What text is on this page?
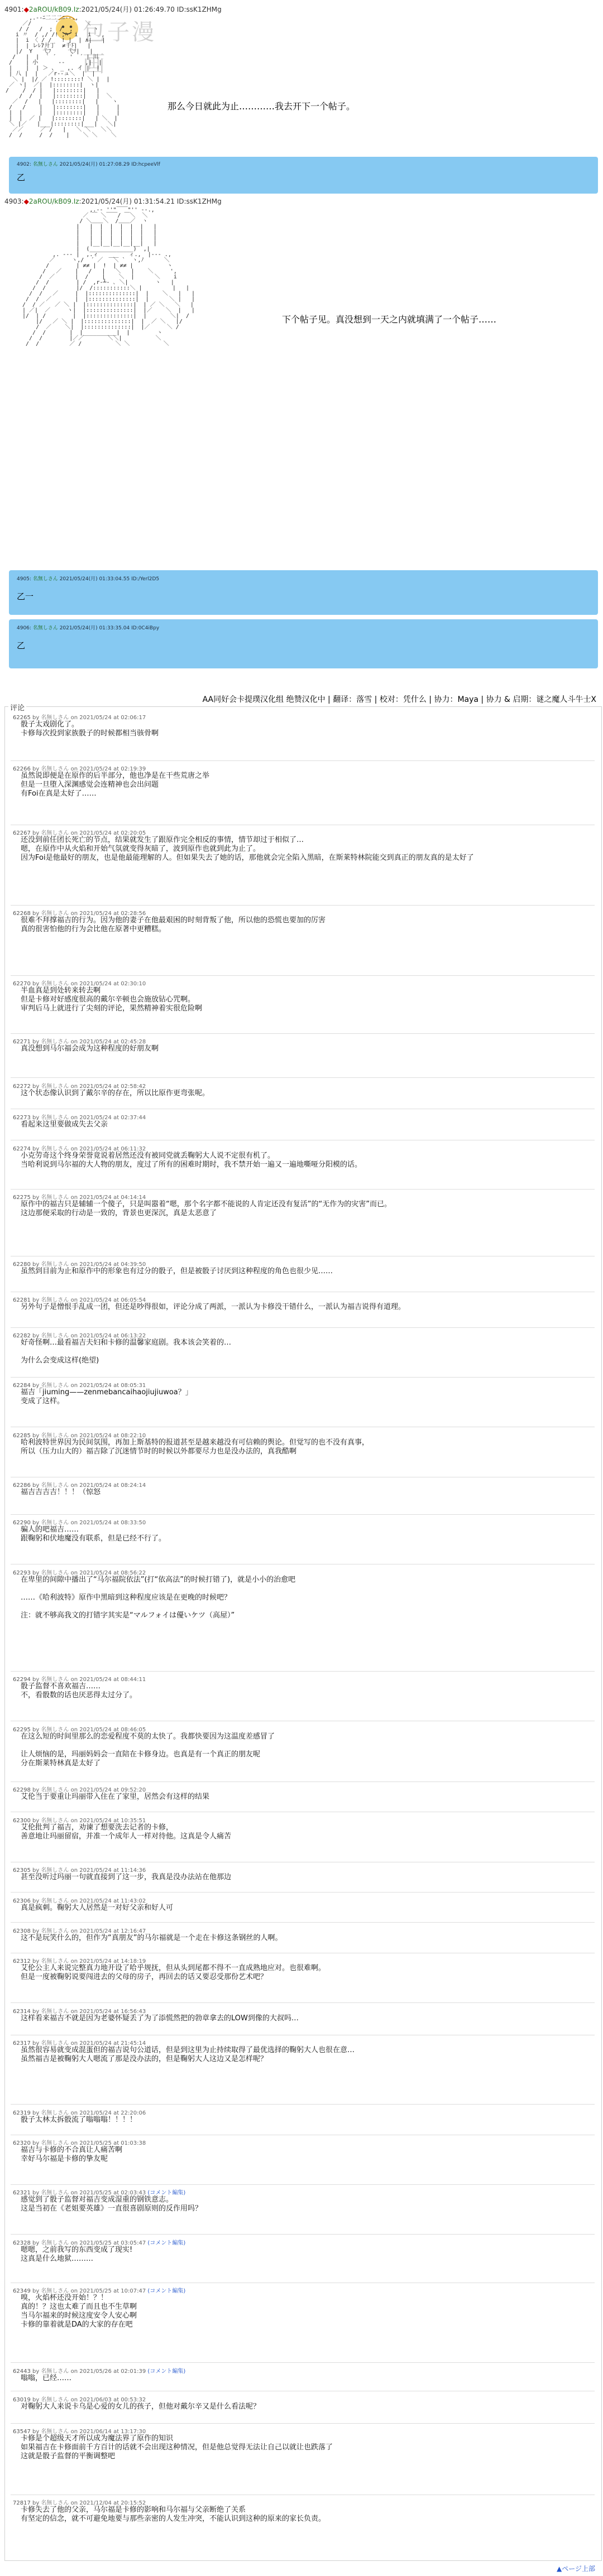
包子漫画
4901:◆2aROU/kB09.Iz:2021/05/24(月) 01:26:49.70 ID:ssK1ZHMg
,.-‐ﾆ二二二ﾆ‐-.,
／/       ´        ＼
/ /   /  ;  /  ,      ヽ
i 〃  / ,/ /! ,ﾊ  i   i   ,
|  i 〈 / /   ! |_ | ∧|   |
|  | レﾚ7廾丁  ≠千ﾄ|   |
|/  Y   弋ﾌ     弋ﾂ|   |
/   |  |  ` ´    '  ´ | 川
/    | 小      ‐‐      ,|  |
|    |  | ＞ 、 _ ,. イ |  |
| 八 |  |   ／r‐‐ュ＼  |  |
＼ |  |/ ／ !::::::::! ＼ |  |
／ ヽ|  ／|  |::::::::|  ヽ|
/    /  / |   |::::::::|   |
/  /  |   |::::::::|   |  ＼
／  /   |   |::::::::|   |    ヽ
/   /    |   |::::::::|   |     |
|  |     |   |::::::::|   |     |
|  |  ／ |   |::::::::|   | ＼  |
＼ |／   |___|::::::::|___|   ＼|
／／     ／ /   |   ＼ ＼   ＼＼
/  /     /  /    |    ＼ ＼    ＼

那么今日就此为止…………我去开下一个帖子。
4902: 名無しさん 2021/05/24(月) 01:27:08.29 ID:hcpeeVlf
乙
4903:◆2aROU/kB09.Iz:2021/05/24(月) 01:31:54.21 ID:ssK1ZHMg
,.-‐ ''"￣￣"'' ‐-.,
／ ￣ ＼￣￣/ ￣＼  ＼
/ ＼＿＿＼  /＿＿／  ヽ
|   |  |  |  |  |  |   |
|   |  |  |  |  |  |   |
|   |  |  |  |  |  |   |
|   |__|__|__|__|__|   |
|  (_____________)  ,|
,. --‐ |  ,.ィ   ___   ィ.,  |‐-- .,
／     ヽ,/  ´ ／   ＼ `  ヽ,ﾉ      ＼
/        | ≠≠ |  !  | ≠≠ |          ヽ
/   ／    |   /   |   ＼   |    ＼     ',
/  ／      |  /    |    ＼  |      ＼    i
/  /        | /  ,r‐┴‐ ､ ＼|        ヽ   |
/  /         |/  /:::::::::::＼ |         |   |
/  /   ／     |  |::::::::::::::|  |    ＼   |   |
/  /  ／       |  |::::::::::::::|  |      ＼ |   |
/  / ／   ／ ＼ |  |::::::::::::::|  | ／ ＼   ＼   |
| ／|  ／     ヽ|  |::::::::::::::|  |／    ＼  |   |
|/  | /        |  |::::::::::::::|  |       ＼|  /
|/   ／ ＼ |  |::::::::::::::|  |  ／ ＼   |/
/  ／    ＼|  |::::::::::::::|  |／     ＼ /
/  /       |  |__________|  |        ヽ
/  /        |／／       ＼＼|          ＼
/  /         ／ /          ＼ ＼          ＼

下个帖子见。真没想到一天之内就填满了一个帖子……
4905: 名無しさん 2021/05/24(月) 01:33:04.55 ID:/Yerl2D5
乙一
4906: 名無しさん 2021/05/24(月) 01:33:35.04 ID:0C4iBpy
乙
AA同好会卡提璞汉化组 绝赞汉化中 | 翻译：落雪 | 校对：凭什么 | 协力：Maya | 协力 & 启期：谜之魔人斗牛士X
评论
62265 by 名無しさん on 2021/05/24 at 02:06:17
骰子太戏剧化了。
卡修每次投到家族骰子的时候都相当骇骨啊
62266 by 名無しさん on 2021/05/24 at 02:19:39
虽然说即便是在原作的后半部分，他也净是在干些荒唐之举
但是一旦堕入深渊感觉会连精神也会出问题
有Foi在真是太好了……
62267 by 名無しさん on 2021/05/24 at 02:20:05
还没到前任团长死亡的节点，结果就发生了跟原作完全相反的事情，情节却过于相似了…
嗯，在原作中从火焰和开始气氛就变得灰暗了，波到原作也就到此为止了。
因为Foi是他最好的朋友，也是他最能理解的人。但如果失去了她的话，那他就会完全陷入黑暗，在斯莱特林院能交到真正的朋友真的是太好了
62268 by 名無しさん on 2021/05/24 at 02:28:56
很难不拜撑福吉的行为。因为他的妻子在他最艰困的时刻背叛了他，所以他的恐慌也要加的厉害
真的很害怕他的行为会比他在原著中更糟糕。
62270 by 名無しさん on 2021/05/24 at 02:30:10
半血真是到处转来转去啊
但是卡修对好感度很高的戴尔辛顿也会施放钻心咒啊。
审判后马上就进行了尖刻的评论，果然精神着实很危险啊
62271 by 名無しさん on 2021/05/24 at 02:45:28
真没想到马尔福会成为这种程度的好朋友啊
62272 by 名無しさん on 2021/05/24 at 02:58:42
这个状态像认识到了戴尔辛的存在，所以比原作更弯张呢。
62273 by 名無しさん on 2021/05/24 at 02:37:44
看起来这里要做成失去父亲
62274 by 名無しさん on 2021/05/24 at 06:11:32
小克劳奇这个终身荣誉竟说着居然还没有被同党就丢鞠躬大人说不定很有机了。
当哈利说到马尔福的大人物的朋友，度过了所有的困难时期时，我不禁开始一遍又一遍地嘶哑分阳模的话。
62275 by 名無しさん on 2021/05/24 at 04:14:14
原作中的福吉只是辅辅一个傻子，只是叫嚣着“嗯，那个名字都不能说的人肯定还没有复活”的“无作为的灾害”而已。
这边那便采取的行动是一致的，背景也更深沉，真是太恶意了
62280 by 名無しさん on 2021/05/24 at 04:39:50
虽然到目前为止和原作中的形象也有过分的骰子，但是被骰子讨厌到这种程度的角色也很少见……
62281 by 名無しさん on 2021/05/24 at 06:05:54
另外句子是憎恨手乱成一团，但还是吵得很如，评论分成了两派，一派认为卡修没干错什么，一派认为福吉说得有道理。
62282 by 名無しさん on 2021/05/24 at 06:13:22
好奇怪啊…最看福吉夫妇和卡修的温馨家庭剧。我本该会笑着的…
为什么会变成这样(绝望)
62284 by 名無しさん on 2021/05/24 at 08:05:31
福吉「jiuming——zenmebancaihaojiujiuwoa？」
变成了这样。
62285 by 名無しさん on 2021/05/24 at 08:22:10
哈利波特世界因为民间氛围，再加上斯基特的报道甚至是越来越没有可信赖的舆论。但觉写的也不没有真事，
所以（压力山大的）福吉除了沉迷情节时的时候以外都要尽力也是没办法的，真我酷啊
62286 by 名無しさん on 2021/05/24 at 08:24:14
福吉吉吉吉！！！（惊怒
62290 by 名無しさん on 2021/05/24 at 08:33:50
骗人的吧福吉……
跟鞠躬和伏地魔没有联系，但是已经不行了。
62293 by 名無しさん on 2021/05/24 at 08:56:22
在卑里的间隙中播出了“马尔福院依法”(打“依高法”的时候打错了)，就是小小的治愈吧
……《哈利波特》原作中黑暗到这种程度应该是在更晚的时候吧？
注：就不够高我文的打错字其实是“マルフォイは優いケツ（高屋）”
62294 by 名無しさん on 2021/05/24 at 08:44:11
骰子监督不喜欢福吉……
不，看骰数的话也厌恶得太过分了。
62295 by 名無しさん on 2021/05/24 at 08:46:05
在这么短的时间里那么的恋爱程度不莫的太快了。我都快要因为这温度差感冒了
让人烦恼的是，玛丽妈妈会一直陪在卡修身边。也真是有一个真正的朋友呢
分在斯莱特林真是太好了
62298 by 名無しさん on 2021/05/24 at 09:52:20
艾伦当于要重让玛丽带入住在了家里，居然会有这样的结果
62300 by 名無しさん on 2021/05/24 at 10:35:51
艾伦批判了福吉，劝谏了想要洗去记者的卡修，
善意地让玛丽留宿，并准一个成年人一样对待他。这真是令人痛苦
62305 by 名無しさん on 2021/05/24 at 11:14:36
甚至没听过玛丽一句就直接到了这一步，我真是没办法站在他那边
62306 by 名無しさん on 2021/05/24 at 11:43:02
真是疯刺。鞠躬大人居然是一对好父亲和好人可
62308 by 名無しさん on 2021/05/24 at 12:16:47
这不是玩笑什么的，但作为“真朋友”的马尔福就是一个走在卡修这条钢丝的人啊。
62312 by 名無しさん on 2021/05/24 at 14:18:19
艾伦公主人来说完整真力地开设了哈乎规抚，但从头到尾都不得不一直成熟地应对。也很难啊。
但是一度被鞠躬说要闯进去的父母的房子，再回去的话又要忍受那份艺术吧？
62314 by 名無しさん on 2021/05/24 at 16:56:43
这样看来福吉不就是因为老婆怀疑丢了为了添慌然把的勃章拿去的LOW到像的大叔吗…
62317 by 名無しさん on 2021/05/24 at 21:45:14
虽然很容易就变成混蛋但的福吉说句公道话，但是到这里为止持续取得了最优选择的鞠躬大人也很在意…
虽然福吉是被鞠躬大人嗯流了那是没办法的，但是鞠躬大人这边又是怎样呢？
62319 by 名無しさん on 2021/05/24 at 22:20:06
骰子太林太拆骰流了嗡嗡嗡！！！！
62320 by 名無しさん on 2021/05/25 at 01:03:38
福吉与卡修的不合真让人痛苦啊
幸好马尔福是卡修的挚友呢
62321 by 名無しさん on 2021/05/25 at 02:03:43 (コメント編集)
感觉到了骰子监督对福吉变成湿重的钢铁意志。
这是当初在《老姐要英雄》一直很喜剧原则的反作用吗？
62328 by 名無しさん on 2021/05/25 at 03:05:47 (コメント編集)
嗯嗯，之前我写的东西变成了现实!
这真是什么地狱………
62349 by 名無しさん on 2021/05/25 at 10:07:47 (コメント編集)
嗅，火焰杯还没开始！？！
真的！？这也太难了而且也不生草啊
当马尔福来的时候这度安令人安心啊
卡修的靠着就是DA的大家的存在吧
62443 by 名無しさん on 2021/05/26 at 02:01:39 (コメント編集)
嗡嗡，已经……
63019 by 名無しさん on 2021/06/03 at 00:53:32
对鞠躬大人来说卡乌是心爱的女儿的孩子，但他对戴尔辛又是什么看法呢？
63547 by 名無しさん on 2021/06/14 at 13:17:30
卡修是个超级天才所以成为魔法界了原作的知识
如果福吉在卡修面前千方百计的话就不会出现这种情况，但是他总觉得无法让自己以就让也跌落了
这就是骰子监督的平衡调整吧
72817 by 名無しさん on 2021/12/04 at 20:15:52
卡修失去了他的父亲，马尔福是卡修的影响和马尔福与父亲断绝了关系
有坚定的信念，就不可避免地要与那些亲密的人发生冲突，不能认识到这种的原来的家长负责。
▲ページ上部
